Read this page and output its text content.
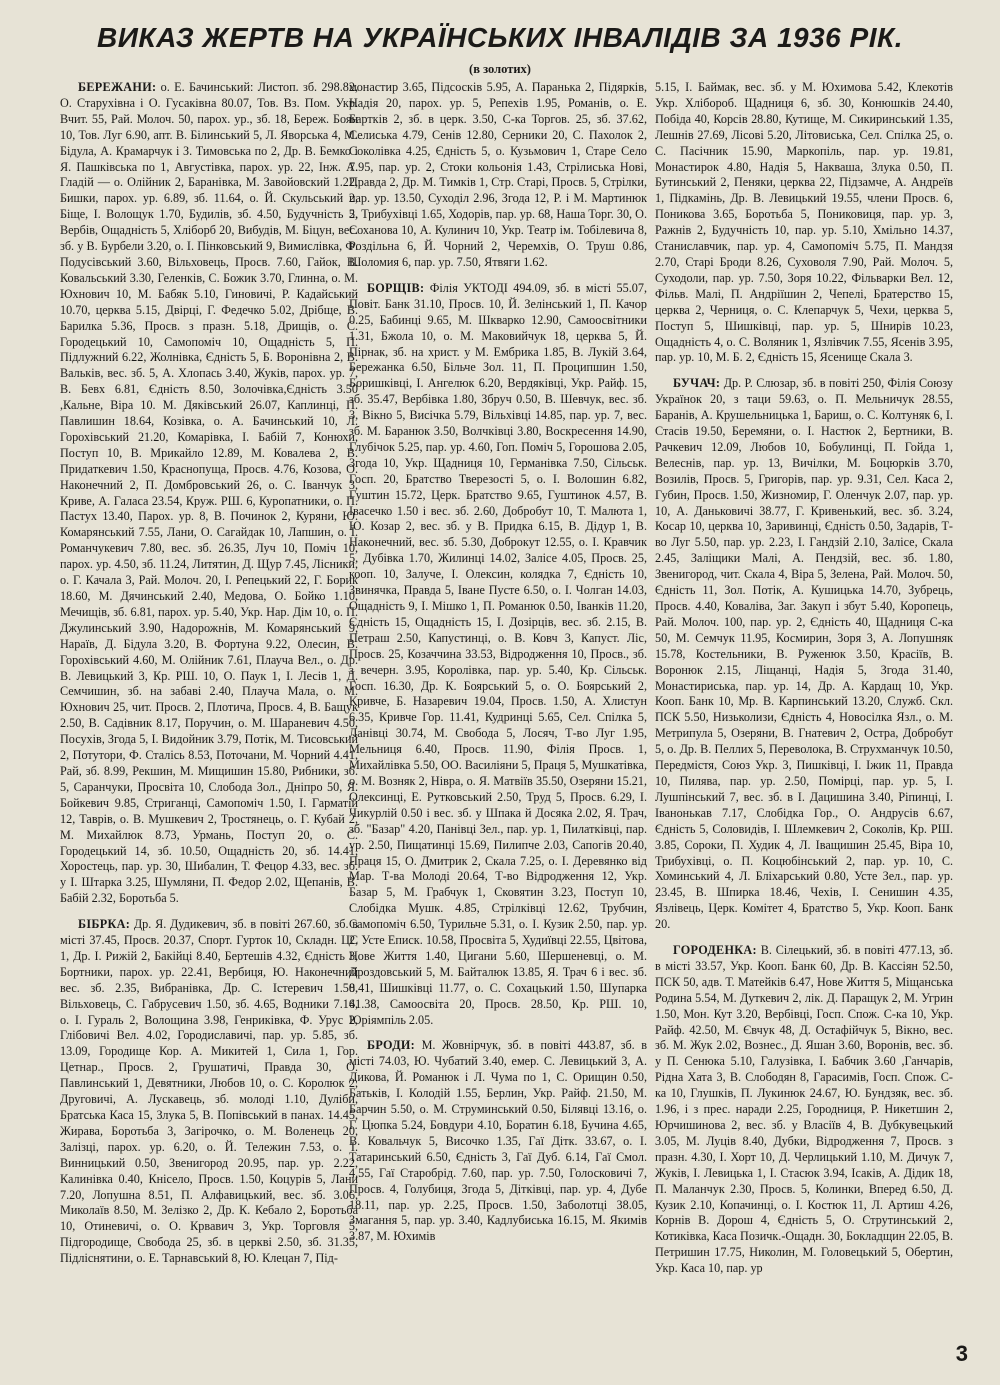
ВИКАЗ ЖЕРТВ НА УКРАЇНСЬКИХ ІНВАЛІДІВ ЗА 1936 РІК.
(в золотих)

БЕРЕЖАНИ: о. Е. Бачинський: Листоп. зб. 298.82, О. Старухівна і О. Гусаківна 80.07, Тов. Вз. Пом. Укр. Вчит. 55, Рай. Молоч. 50, парох. ур., зб. 18, Береж. Боян 10, Тов. Луг 6.90, апт. В. Білинський 5, Л. Яворська 4, М. Бідула, А. Крамарчук і З. Тимовська по 2, Др. В. Бемко і Я. Пашківська по 1, Августівка, парох. ур. 22, Інж. А. Гладій — о. Олійник 2, Баранівка, М. Завойовский 1.22, Бишки, парох. ур. 6.89, зб. 11.64, о. Й. Скульський 2, Біще, І. Волощук 1.70, Будилів, зб. 4.50, Будучність 5, Вербів, Ощадність 5, Хліборб 20, Вибудів, М. Біцун, вес. зб. у В. Бурбели 3.20, о. І. Пінковський 9, Вимислівка, Ф. Подусівський 3.60, Вільховець, Просв. 7.60, Гайок, В. Ковальський 3.30, Геленків, С. Божик 3.70, Глинна, о. М. Юхнович 10, М. Бабяк 5.10, Гиновичі, Р. Кадайський 10.70, церква 5.15, Двірці, Г. Федечко 5.02, Дрібще, В. Барилка 5.36, Просв. з празн. 5.18, Дрищів, о. С. Городецький 10, Самопоміч 10, Ощадність 5, П. Підлужний 6.22, Жолнівка, Єдність 5, Б. Воронівна 2, В. Вальків, вес. зб. 5, А. Хлопась 3.40, Жуків, парох. ур. 7, В. Бевх 6.81, Єдність 8.50, Золочівка,Єдність 3.50 ,Кальне, Віра 10. М. Дяківський 26.07, Каплинці, П. Павлишин 18.64, Козівка, о. А. Бачинський 10, Л. Горохівський 21.20, Комарівка, І. Бабій 7, Конюхи, Поступ 10, В. Мрикайло 12.89, М. Ковалева 2, В. Придаткевич 1.50, Краснопуща, Просв. 4.76, Козова, О. Наконечний 2, П. Домбровський 26, о. С. Іванчук 3, Криве, А. Галаса 23.54, Круж. РШ. 6, Куропатники, о. П. Пастух 13.40, Парох. ур. 8, В. Починок 2, Куряни, Ю. Комарянський 7.55, Лани, О. Сагайдак 10, Лапшин, о. І. Романчукевич 7.80, вес. зб. 26.35, Луч 10, Поміч 10, парох. ур. 4.50, зб. 11.24, Литятин, Д. Щур 7.45, Лісники, о. Г. Качала 3, Рай. Молоч. 20, І. Репецький 22, Г. Борик 18.60, М. Дячинський 2.40, Медова, О. Бойко 1.10, Мечищів, зб. 6.81, парох. ур. 5.40, Укр. Нар. Дім 10, о. П. Джулинський 3.90, Надорожнів, М. Комарянський 9, Нараїв, Д. Бідула 3.20, В. Фортуна 9.22, Олесин, В. Горохівський 4.60, М. Олійник 7.61, Плауча Вел., о. Др. В. Левицький 3, Кр. РШ. 10, О. Паук 1, І. Лесів 1, Д. Семчишин, зб. на забаві 2.40, Плауча Мала, о. М. Юхнович 25, чит. Просв. 2, Плотича, Просв. 4, В. Бащук 2.50, В. Садівник 8.17, Поручин, о. М. Шараневич 4.50, Посухів, Згода 5, І. Видойник 3.79, Потік, М. Тисовський 2, Потутори, Ф. Сталісь 8.53, Поточани, М. Чорний 4.41, Рай, зб. 8.99, Рекшин, М. Мищишин 15.80, Рибники, зб. 5, Саранчуки, Просвіта 10, Слобода Зол., Дніпро 50, Я. Бойкевич 9.85, Стриганці, Самопоміч 1.50, І. Гарматій 12, Таврів, о. В. Мушкевич 2, Тростянець, о. Г. Кубай 2, М. Михайлюк 8.73, Урмань, Поступ 20, о. С. Городецький 14, зб. 10.50, Ощадність 20, зб. 14.41, Хоростець, пар. ур. 30, Шибалин, Т. Фецор 4.33, вес. зб. у І. Штарка 3.25, Шумляни, П. Федор 2.02, Щепанів, В. Бабій 2.32, Боротьба 5.

БІБРКА: Др. Я. Дудикевич, зб. в повіті 267.60, зб. в місті 37.45, Просв. 20.37, Спорт. Гурток 10, Складн. ЦС 1, Др. І. Рижій 2, Бакійці 8.40, Бертешів 4.32, Єдність 3, Бортники, парох. ур. 22.41, Вербиця, Ю. Наконечний вес. зб. 2.35, Вибранівка, Др. С. Істеревич 1.50, Вільховець, С. Габрусевич 1.50, зб. 4.65, Водники 7.16, о. І. Гураль 2, Волощина 3.98, Генриківка, Ф. Урус 2, Глібовичі Вел. 4.02, Городиславичі, пар. ур. 5.85, зб. 13.09, Городище Кор. А. Микитей 1, Сила 1, Гор. Цетнар., Просв. 2, Грушатичі, Правда 30, О. Павлинський 1, Девятники, Любов 10, о. С. Королюк 2, Друговичі, А. Лускавець, зб. молоді 1.10, Дуліби, Братська Каса 15, Злука 5, В. Попівський в панах. 14.45, Жирава, Боротьба 3, Загірочко, о. М. Воленець 20, Залізці, парох. ур. 6.20, о. Й. Тележин 7.53, о. І. Винницький 0.50, Звенигород 20.95, пар. ур. 2.22, Калинівка 0.40, Кнісело, Просв. 1.50, Коцурів 5, Лани 7.20, Лопушна 8.51, П. Алфавицький, вес. зб. 3.06, Миколаїв 8.50, М. Зелізко 2, Др. К. Кебало 2, Боротьба 10, Отиневичі, о. О. Крвавич 3, Укр. Торговля 5, Підгородище, Свобода 25, зб. в церкві 2.50, зб. 31.35, Підліснятини, о. Е. Тарнавський 8, Ю. Клецан 7, Під-

монастир 3.65, Підсосків 5.95, А. Паранька 2, Підярків, Надія 20, парох. ур. 5, Репехів 1.95, Романів, о. Е. Бартків 2, зб. в церк. 3.50, С-ка Торгов. 25, зб. 37.62, Селиська 4.79, Сенів 12.80, Серники 20, С. Пахолок 2, Соколівка 4.25, Єдність 5, о. Кузьмович 1, Старе Село 7.95, пар. ур. 2, Стоки кольонія 1.43, Стрілиська Нові, Правда 2, Др. М. Тимків 1, Стр. Старі, Просв. 5, Стрілки, пар. ур. 13.50, Суходіл 2.96, Згода 12, Р. і М. Мартинюк 2, Трибухівці 1.65, Ходорів, пар. ур. 68, Наша Торг. 30, О. Соханова 10, А. Кулинич 10, Укр. Театр ім. Тобілевича 8, Роздільна 6, Й. Чорний 2, Черемхів, О. Труш 0.86, Шоломия 6, пар. ур. 7.50, Ятвяги 1.62.

БОРЩІВ: Філія УКТОДІ 494.09, зб. в місті 55.07, Повіт. Банк 31.10, Просв. 10, Й. Зелінський 1, П. Качор 0.25, Бабинці 9.65, М. Шкварко 12.90, Самоосвітники 1.31, Бжола 10, о. М. Маковийчук 18, церква 5, Й. Пірнак, зб. на христ. у М. Ембрика 1.85, В. Лукій 3.64, Бережанка 6.50, Більче Зол. 11, П. Проципшин 1.50, Боришківці, І. Ангелюк 6.20, Вердяківці, Укр. Райф. 15, зб. 35.47, Вербівка 1.80, Збруч 0.50, В. Шевчук, вес. зб. 3, Вікно 5, Висічка 5.79, Вільхівці 14.85, пар. ур. 7, вес. зб. М. Баранюк 3.50, Волчківці 3.80, Воскресення 14.90, Глубічок 5.25, пар. ур. 4.60, Гоп. Поміч 5, Горошова 2.05, Згода 10, Укр. Щадниця 10, Германівка 7.50, Сільськ. Госп. 20, Братство Тверезості 5, о. І. Волошин 6.82, Гуштин 15.72, Церк. Братство 9.65, Гуштинок 4.57, В. Івасечко 1.50 і вес. зб. 2.60, Добробут 10, Т. Малюта 1, Ю. Козар 2, вес. зб. у В. Придка 6.15, В. Дідур 1, В. Наконечний, вес. зб. 5.30, Доброкут 12.55, о. І. Кравчик 5, Дубівка 1.70, Жилинці 14.02, Залісе 4.05, Просв. 25, кооп. 10, Залуче, І. Олексин, колядка 7, Єдність 10, Звинячка, Правда 5, Іване Пусте 6.50, о. І. Чолган 14.03, Ощадність 9, І. Мішко 1, П. Романюк 0.50, Іванків 11.20, Єдність 15, Ощадність 15, І. Дозірців, вес. зб. 2.15, В. Петраш 2.50, Капустинці, о. В. Ковч 3, Капуст. Ліс, Просв. 25, Козаччина 33.53, Відродження 10, Просв., зб. з вечерн. 3.95, Королівка, пар. ур. 5.40, Кр. Сільськ. Госп. 16.30, Др. К. Боярський 5, о. О. Боярський 2, Кривче, Б. Назаревич 19.04, Просв. 1.50, А. Хлистун 6.35, Кривче Гор. 11.41, Кудринці 5.65, Сел. Спілка 5, Ланівці 30.74, М. Свобода 5, Лосяч, Т-во Луг 1.95, Мельниця 6.40, Просв. 11.90, Філія Просв. 1, Михайлівка 5.50, ОО. Василіяни 5, Праця 5, Мушкатівка, о. М. Возняк 2, Нівра, о. Я. Матвіїв 35.50, Озеряни 15.21, Олексинці, Е. Рутковський 2.50, Труд 5, Просв. 6.29, І. Чикурлій 0.50 і вес. зб. у Шпака й Досяка 2.02, Я. Трач, зб. "Базар" 4.20, Панівці Зел., пар. ур. 1, Пилатківці, пар. ур. 2.50, Пищатинці 15.69, Пилипче 2.03, Сапогів 20.40, Праця 15, О. Дмитрик 2, Скала 7.25, о. І. Деревянко від Мар. Т-ва Молоді 20.64, Т-во Відродження 12, Укр. Базар 5, М. Грабчук 1, Сковятин 3.23, Поступ 10, Слобідка Мушк. 4.85, Стрілківці 12.62, Трубчин, Самопоміч 6.50, Турильче 5.31, о. І. Кузик 2.50, пар. ур. 2, Усте Еписк. 10.58, Просвіта 5, Худиївці 22.55, Цвітова, Нове Життя 1.40, Цигани 5.60, Шершеневці, о. М. Дроздовський 5, М. Байталюк 13.85, Я. Трач 6 і вес. зб. 8.41, Шишківці 11.77, о. С. Сохацький 1.50, Шупарка 41.38, Самоосвіта 20, Просв. 28.50, Кр. РШ. 10, Юріямпіль 2.05.

БРОДИ: М. Жовнірчук, зб. в повіті 443.87, зб. в місті 74.03, Ю. Чубатий 3.40, емер. С. Левицький 3, А. Дикова, Й. Романюк і Л. Чума по 1, С. Орищин 0.50, Батьків, І. Колодій 1.55, Берлин, Укр. Райф. 21.50, М. Барчин 5.50, о. М. Струминський 0.50, Білявці 13.16, о. Г. Цюпка 5.24, Бовдури 4.10, Боратин 6.18, Бучина 4.65, В. Ковальчук 5, Височко 1.35, Гаї Дітк. 33.67, о. І. Татаринський 6.50, Єдність 3, Гаї Дуб. 6.14, Гаї Смол. 4.55, Гаї Старобрід. 7.60, пар. ур. 7.50, Голосковичі 7, Просв. 4, Голубиця, Згода 5, Дітківці, пар. ур. 4, Дубе 18.11, пар. ур. 2.25, Просв. 1.50, Заболотці 38.05, Змагання 5, пар. ур. 3.40, Кадлубиська 16.15, М. Якимів 3.87, М. Юхимів

5.15, І. Баймак, вес. зб. у М. Юхимова 5.42, Клекотів Укр. Хлібороб. Щадниця 6, зб. 30, Конюшків 24.40, Побіда 40, Корсів 28.80, Кутище, М. Сикиринський 1.35, Лешнів 27.69, Лісові 5.20, Літовиська, Сел. Спілка 25, о. С. Пасічник 15.90, Маркопіль, пар. ур. 19.81, Монастирок 4.80, Надія 5, Наквашa, Злука 0.50, П. Бутинський 2, Пеняки, церква 22, Підзамче, А. Андреїв 1, Підкамінь, Др. В. Левицький 19.55, члени Просв. 6, Поникова 3.65, Боротьба 5, Пониковиця, пар. ур. 3, Ражнів 2, Будучність 10, пар. ур. 5.10, Хмільно 14.37, Станиславчик, пар. ур. 4, Самопоміч 5.75, П. Мандзя 2.70, Старі Броди 8.26, Суховоля 7.90, Рай. Молоч. 5, Суходоли, пар. ур. 7.50, Зоря 10.22, Фільварки Вел. 12, Фільв. Малі, П. Андріїшин 2, Чепелі, Братерство 15, церква 2, Черниця, о. С. Клепарчук 5, Чехи, церква 5, Поступ 5, Шишківці, пар. ур. 5, Шнирів 10.23, Ощадність 4, о. С. Воляник 1, Язлівчик 7.55, Ясенів 3.95, пар. ур. 10, М. Б. 2, Єдність 15, Ясенище Скала 3.

БУЧАЧ: Др. Р. Слюзар, зб. в повіті 250, Філія Союзу Українок 20, з таци 59.63, о. П. Мельничук 28.55, Баранів, А. Крушельницька 1, Бариш, о. С. Колтуняк 6, І. Стасів 19.50, Беремяни, о. І. Настюк 2, Бертники, В. Рачкевич 12.09, Любов 10, Бобулинці, П. Гойда 1, Велеснів, пар. ур. 13, Вичілки, М. Боцюрків 3.70, Возилів, Просв. 5, Григорів, пар. ур. 9.31, Сел. Каса 2, Губин, Просв. 1.50, Жизномир, Г. Оленчук 2.07, пар. ур. 10, А. Даньковичі 38.77, Г. Кривенький, вес. зб. 3.24, Косар 10, церква 10, Заривинці, Єдність 0.50, Задарів, Т-во Луг 5.50, пар. ур. 2.23, І. Гандзій 2.10, Залісе, Скала 2.45, Заліщики Малі, А. Пендзій, вес. зб. 1.80, Звенигород, чит. Скала 4, Віра 5, Зелена, Рай. Молоч. 50, Єдність 11, Зол. Потік, А. Кушицька 14.70, Зубрець, Просв. 4.40, Коваліва, Заг. Закуп і збут 5.40, Коропець, Рай. Молоч. 100, пар. ур. 2, Єдність 40, Щадниця С-ка 50, М. Семчук 11.95, Космирин, Зоря 3, А. Лопушняк 15.78, Костельники, В. Руженюк 3.50, Красіїв, В. Воронюк 2.15, Ліщанці, Надія 5, Згода 31.40, Монастириська, пар. ур. 14, Др. А. Кардащ 10, Укр. Кооп. Банк 10, Мр. В. Карпинський 13.20, Служб. Скл. ПСК 5.50, Низьколизи, Єдність 4, Новосілка Язл., о. М. Метрипула 5, Озеряни, В. Гнатевич 2, Острa, Добробут 5, о. Др. В. Пеллих 5, Переволока, В. Струхманчук 10.50, Передмістя, Союз Укр. 3, Пишківці, І. Іжик 11, Правда 10, Пилява, пар. ур. 2.50, Помірці, пар. ур. 5, І. Лушпінський 7, вес. зб. в І. Дацишина 3.40, Ріпинці, І. Іванонькaв 7.17, Слобідка Гор., О. Андрусів 6.67, Єдність 5, Соловидів, І. Шлемкевич 2, Соколів, Кр. РШ. 3.85, Сороки, П. Худик 4, Л. Іващишин 25.45, Віра 10, Трибухівці, о. П. Коцюбінський 2, пар. ур. 10, С. Хоминський 4, Л. Бліхарський 0.80, Усте Зел., пар. ур. 23.45, В. Шпирка 18.46, Чехів, І. Сенишин 4.35, Язлівець, Церк. Комітет 4, Братство 5, Укр. Кооп. Банк 20.

ГОРОДЕНКА: В. Сілецький, зб. в повіті 477.13, зб. в місті 33.57, Укр. Кооп. Банк 60, Др. В. Кассіян 52.50, ПСК 50, адв. Т. Матейків 6.47, Нове Життя 5, Міщанська Родина 5.54, М. Дуткевич 2, лік. Д. Паращук 2, М. Угрин 1.50, Мон. Кут 3.20, Вербівці, Госп. Спож. С-ка 10, Укр. Райф. 42.50, М. Євчук 48, Д. Остафійчук 5, Вікно, вес. зб. М. Жук 2.02, Вознес., Д. Яшан 3.60, Воронів, вес. зб. у П. Сенюка 5.10, Галузівка, І. Бабчик 3.60 ,Ганчарів, Рідна Хата 3, В. Слободян 8, Гарасимів, Госп. Спож. С-ка 10, Глушків, П. Лукинюк 24.67, Ю. Бундзяк, вес. зб. 1.96, і з прес. наради 2.25, Городниця, Р. Никетшин 2, Юрчишинова 2, вес. зб. у Власіїв 4, В. Дубкувецький 3.05, М. Луців 8.40, Дубки, Відродження 7, Просв. з празн. 4.30, І. Хорт 10, Д. Черлицький 1.10, М. Дичук 7, Жуків, І. Левицька 1, І. Стасюк 3.94, Ісаків, А. Дідик 18, П. Маланчук 2.30, Просв. 5, Колинки, Вперед 6.50, Д. Кузик 2.10, Копачинці, о. І. Костюк 11, Л. Артиш 4.26, Корнів В. Дорош 4, Єдність 5, О. Струтинський 2, Котиківка, Каса Позичк.-Ощадн. 30, Бокладщин 22.05, В. Петришин 17.75, Николин, М. Головецький 5, Обертин, Укр. Каса 10, пар. ур

3
